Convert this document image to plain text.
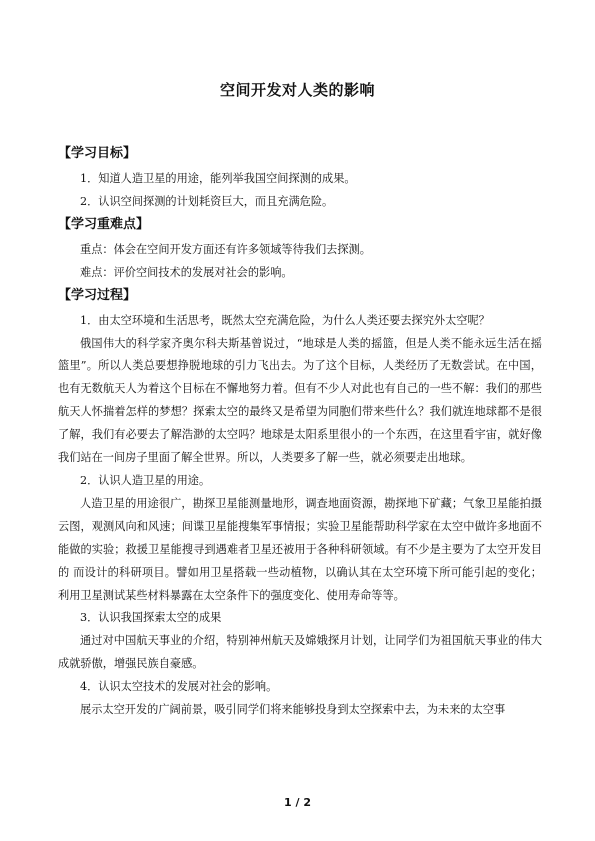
空间开发对人类的影响

【学习目标】

1．知道人造卫星的用途，能列举我国空间探测的成果。

2．认识空间探测的计划耗资巨大，而且充满危险。

【学习重难点】

重点：体会在空间开发方面还有许多领域等待我们去探测。

难点：评价空间技术的发展对社会的影响。

【学习过程】

1．由太空环境和生活思考，既然太空充满危险，为什么人类还要去探究外太空呢？

俄国伟大的科学家齐奥尔科夫斯基曾说过，“地球是人类的摇篮，但是人类不能永远生活在摇篮里”。所以人类总要想挣脱地球的引力飞出去。为了这个目标，人类经历了无数尝试。在中国，也有无数航天人为着这个目标在不懈地努力着。但有不少人对此也有自己的一些不解：我们的那些航天人怀揣着怎样的梦想？探索太空的最终又是希望为同胞们带来些什么？我们就连地球都不是很了解，我们有必要去了解浩渺的太空吗？地球是太阳系里很小的一个东西，在这里看宇宙，就好像我们站在一间房子里面了解全世界。所以，人类要多了解一些，就必须要走出地球。

2．认识人造卫星的用途。

人造卫星的用途很广，勘探卫星能测量地形，调查地面资源，勘探地下矿藏；气象卫星能拍摄云图，观测风向和风速；间谍卫星能搜集军事情报；实验卫星能帮助科学家在太空中做许多地面不能做的实验；救援卫星能搜寻到遇难者卫星还被用于各种科研领域。有不少是主要为了太空开发目的 而设计的科研项目。譬如用卫星搭载一些动植物，以确认其在太空环境下所可能引起的变化；利用卫星测试某些材料暴露在太空条件下的强度变化、使用寿命等等。

3．认识我国探索太空的成果

通过对中国航天事业的介绍，特别神州航天及嫦娥探月计划，让同学们为祖国航天事业的伟大成就骄傲，增强民族自豪感。

4．认识太空技术的发展对社会的影响。

展示太空开发的广阔前景，吸引同学们将来能够投身到太空探索中去，为未来的太空事

1 / 2
